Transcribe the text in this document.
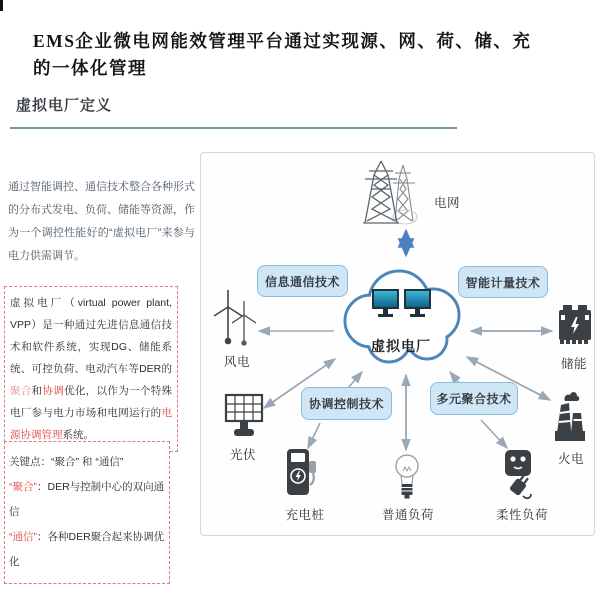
EMS企业微电网能效管理平台通过实现源、网、荷、储、充
的一体化管理
虚拟电厂定义
通过智能调控、通信技术整合各种形式的分布式发电、负荷、储能等资源，作为一个调控性能好的“虚拟电厂”来参与电力供需调节。
虚拟电厂（virtual power plant, VPP）是一种通过先进信息通信技术和软件系统，实现DG、储能系统、可控负荷、电动汽车等DER的聚合和协调优化，以作为一个特殊电厂参与电力市场和电网运行的电源协调管理系统。
关键点：“聚合” 和 “通信”
“聚合”：DER与控制中心的双向通信
“通信”：各种DER聚合起来协调优化
电网
虚拟电厂
信息通信技术	智能计量技术
协调控制技术	多元聚合技术
风电	储能
光伏
充电桩	普通负荷	柔性负荷
火电
